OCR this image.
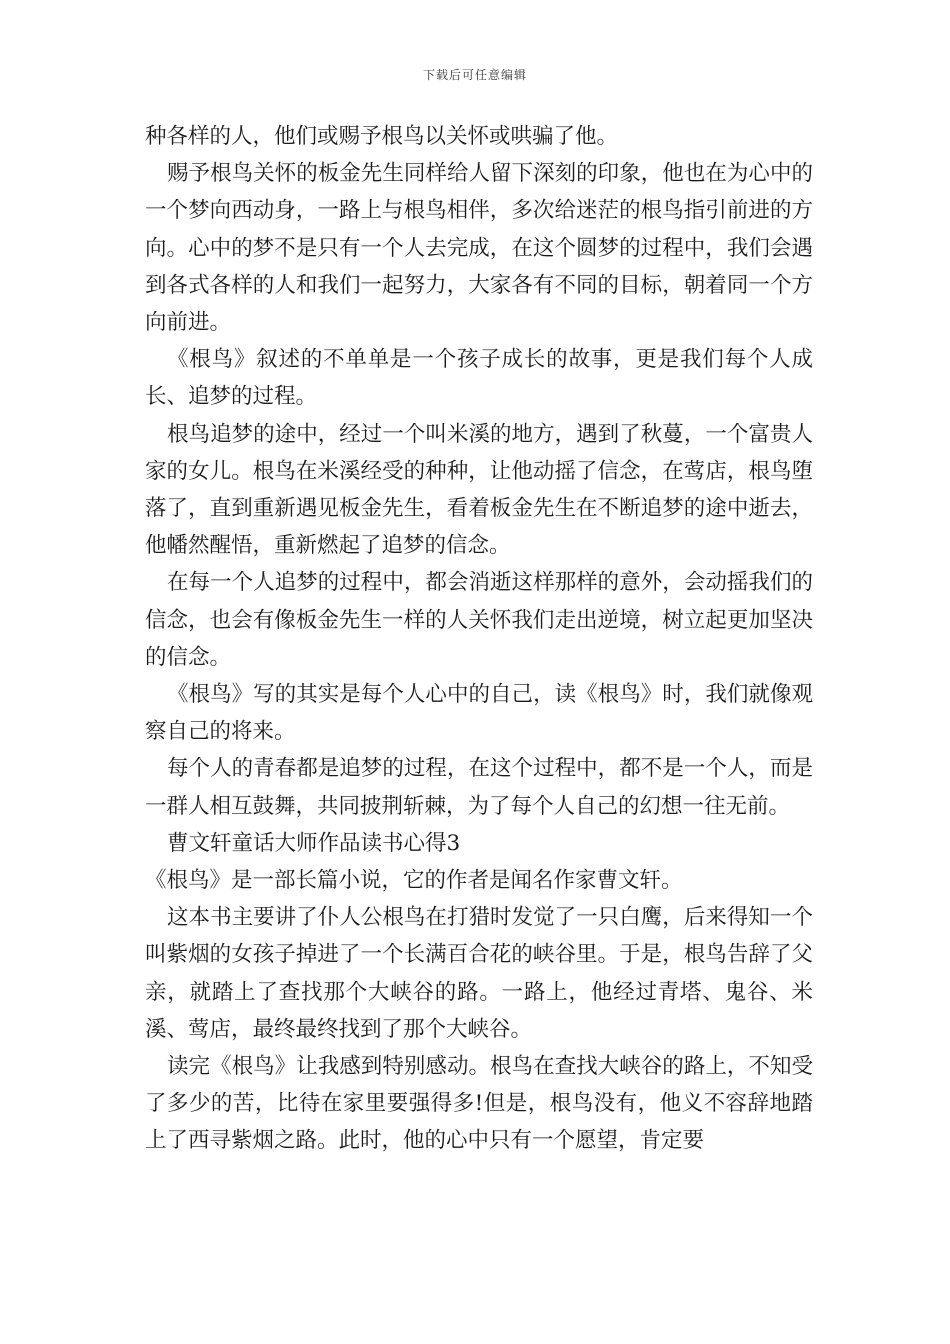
下载后可任意编辑

种各样的人，他们或赐予根鸟以关怀或哄骗了他。

赐予根鸟关怀的板金先生同样给人留下深刻的印象，他也在为心中的一个梦向西动身，一路上与根鸟相伴，多次给迷茫的根鸟指引前进的方向。心中的梦不是只有一个人去完成，在这个圆梦的过程中，我们会遇到各式各样的人和我们一起努力，大家各有不同的目标，朝着同一个方向前进。

《根鸟》叙述的不单单是一个孩子成长的故事，更是我们每个人成长、追梦的过程。

根鸟追梦的途中，经过一个叫米溪的地方，遇到了秋蔓，一个富贵人家的女儿。根鸟在米溪经受的种种，让他动摇了信念，在莺店，根鸟堕落了，直到重新遇见板金先生，看着板金先生在不断追梦的途中逝去，他幡然醒悟，重新燃起了追梦的信念。

在每一个人追梦的过程中，都会消逝这样那样的意外，会动摇我们的信念，也会有像板金先生一样的人关怀我们走出逆境，树立起更加坚决的信念。

《根鸟》写的其实是每个人心中的自己，读《根鸟》时，我们就像观察自己的将来。

每个人的青春都是追梦的过程，在这个过程中，都不是一个人，而是一群人相互鼓舞，共同披荆斩棘，为了每个人自己的幻想一往无前。

曹文轩童话大师作品读书心得3

《根鸟》是一部长篇小说，它的作者是闻名作家曹文轩。

这本书主要讲了仆人公根鸟在打猎时发觉了一只白鹰，后来得知一个叫紫烟的女孩子掉进了一个长满百合花的峡谷里。于是，根鸟告辞了父亲，就踏上了查找那个大峡谷的路。一路上，他经过青塔、鬼谷、米溪、莺店，最终最终找到了那个大峡谷。

读完《根鸟》让我感到特别感动。根鸟在查找大峡谷的路上，不知受了多少的苦，比待在家里要强得多!但是，根鸟没有，他义不容辞地踏上了西寻紫烟之路。此时，他的心中只有一个愿望，肯定要
